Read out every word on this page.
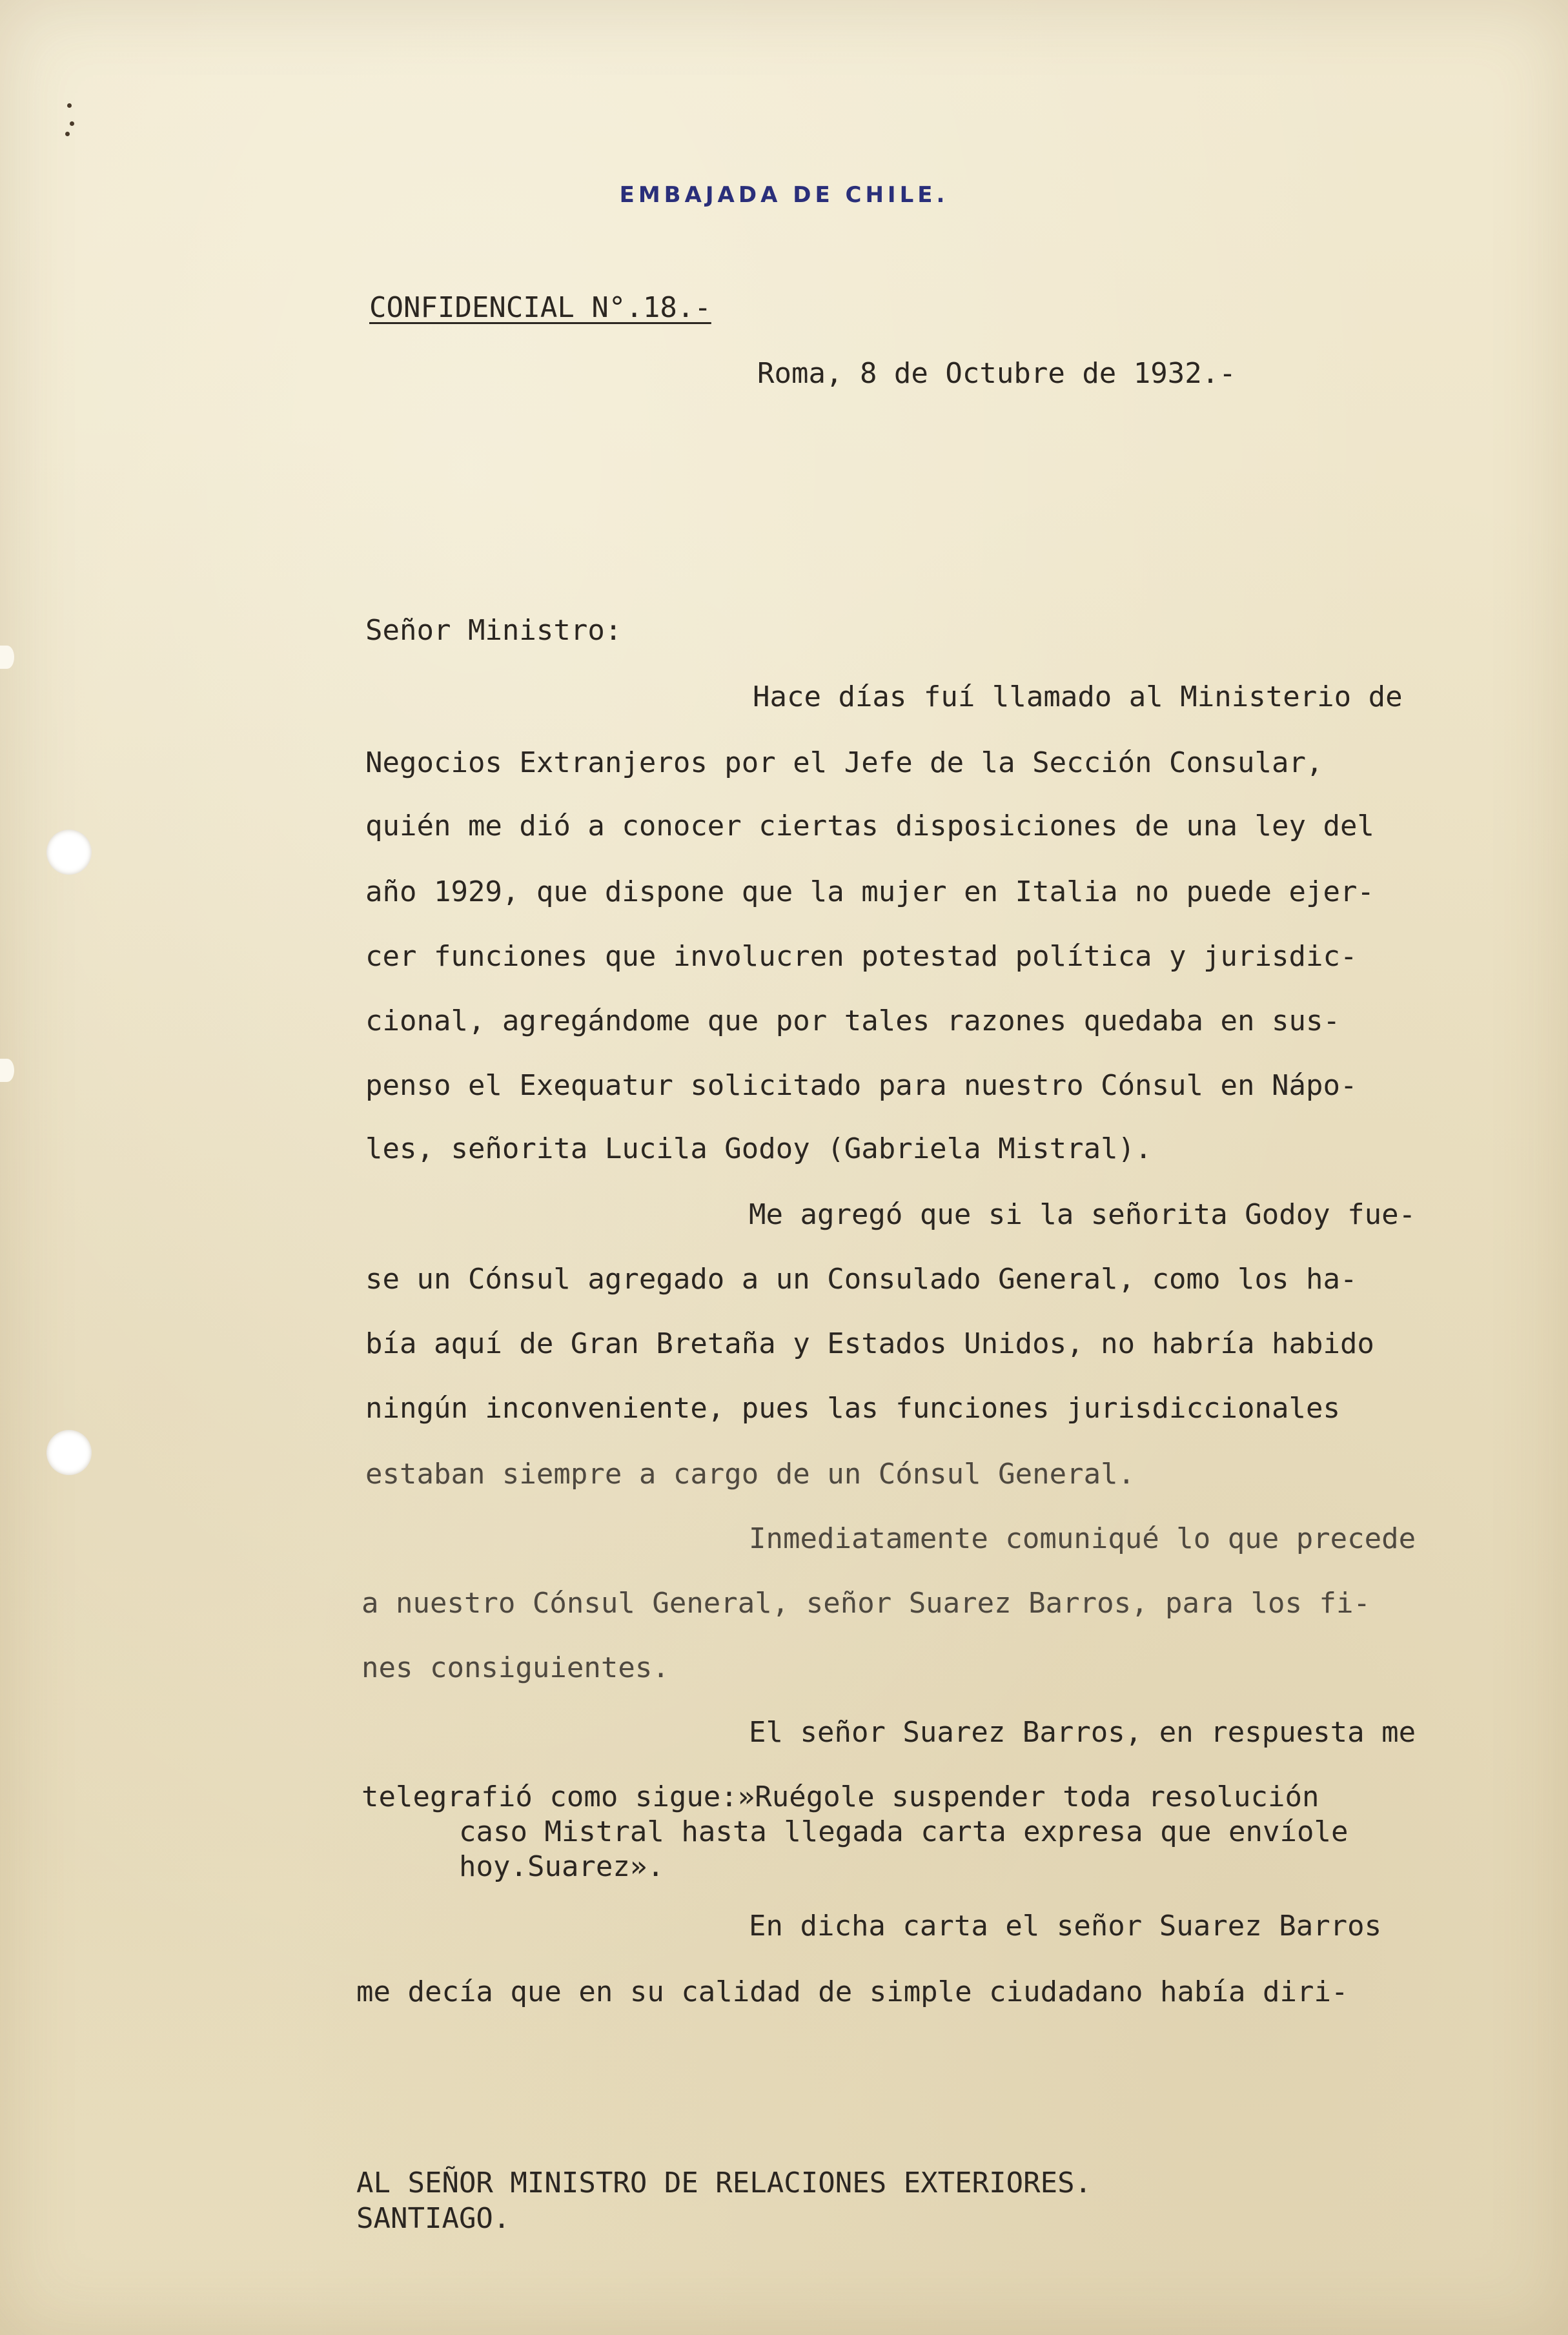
EMBAJADA DE CHILE.
CONFIDENCIAL N°.18.-
Roma, 8 de Octubre de 1932.-
Señor Ministro:
Hace días fuí llamado al Ministerio de
Negocios Extranjeros por el Jefe de la Sección Consular,
quién me dió a conocer ciertas disposiciones de una ley del
año 1929, que dispone que la mujer en Italia no puede ejer-
cer funciones que involucren potestad política y jurisdic-
cional, agregándome que por tales razones quedaba en sus-
penso el Exequatur solicitado para nuestro Cónsul en Nápo-
les, señorita Lucila Godoy (Gabriela Mistral).
Me agregó que si la señorita Godoy fue-
se un Cónsul agregado a un Consulado General, como los ha-
bía aquí de Gran Bretaña y Estados Unidos, no habría habido
ningún inconveniente, pues las funciones jurisdiccionales
estaban siempre a cargo de un Cónsul General.
Inmediatamente comuniqué lo que precede
a nuestro Cónsul General, señor Suarez Barros, para los fi-
nes consiguientes.
El señor Suarez Barros, en respuesta me
telegrafió como sigue:»Ruégole suspender toda resolución
caso Mistral hasta llegada carta expresa que envíole
hoy.Suarez».
En dicha carta el señor Suarez Barros
me decía que en su calidad de simple ciudadano había diri-
AL SEÑOR MINISTRO DE RELACIONES EXTERIORES.
SANTIAGO.
